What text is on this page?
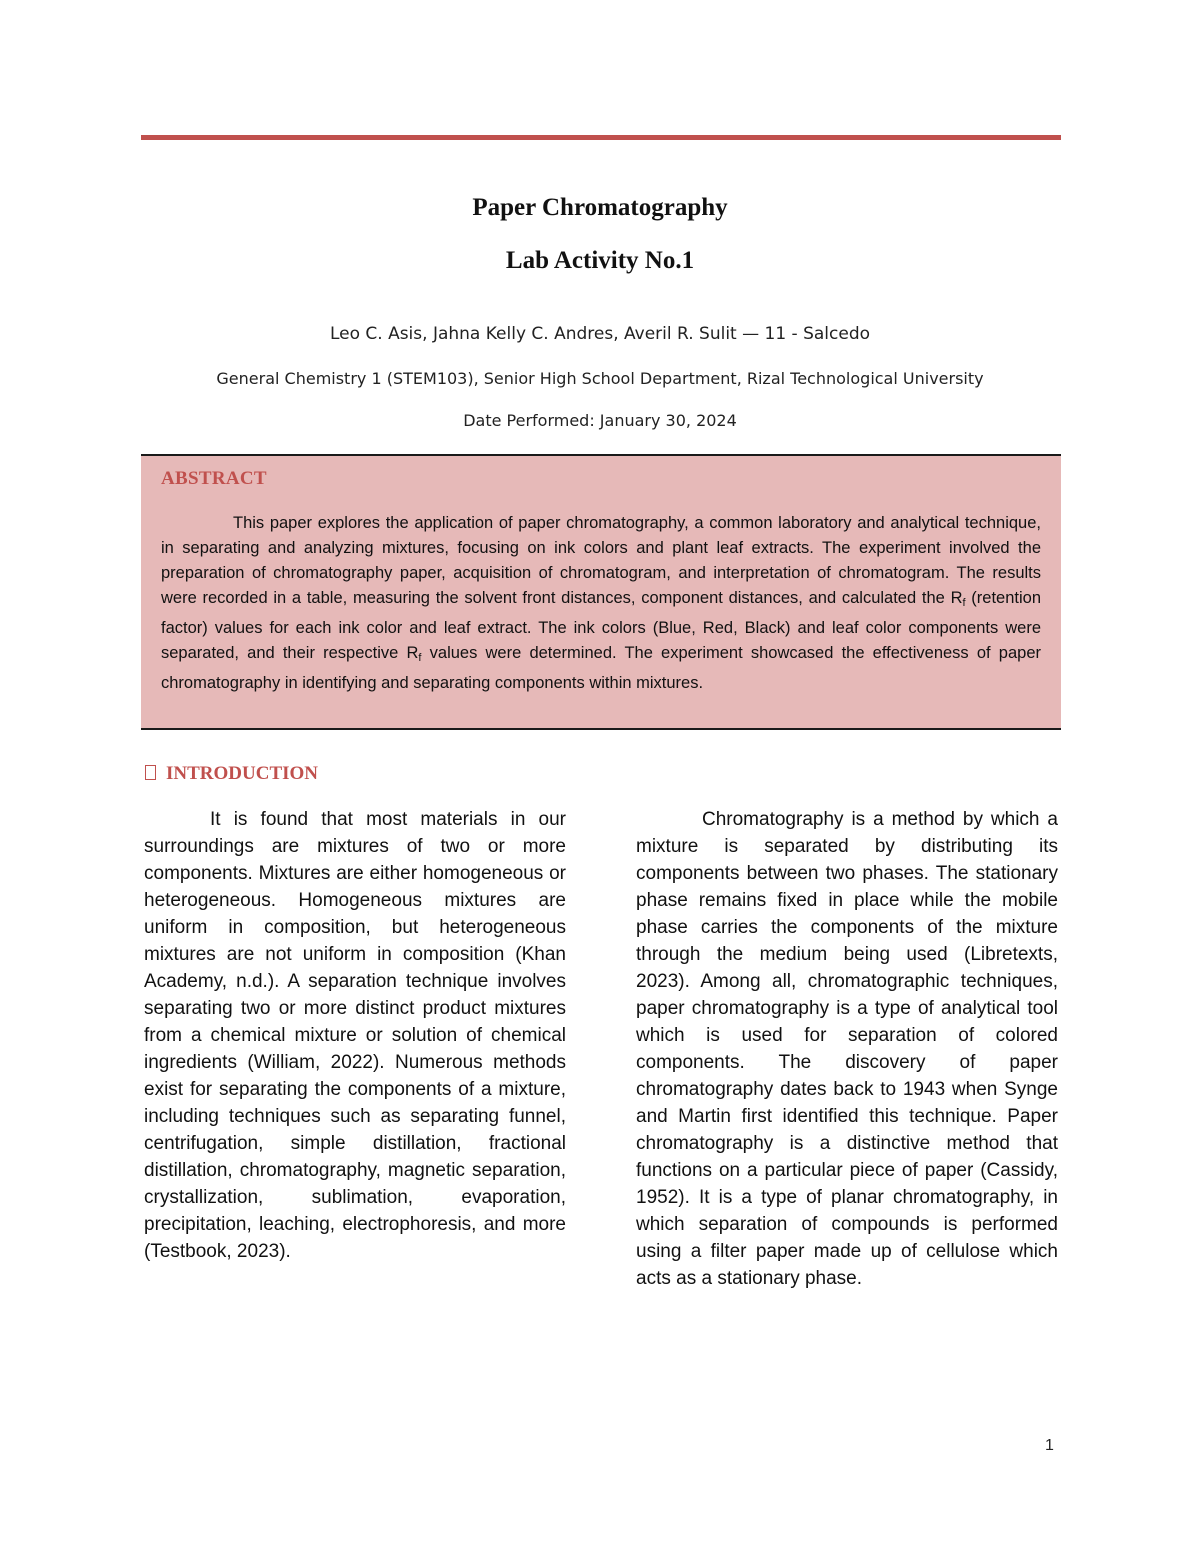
Paper Chromatography
Lab Activity No.1
Leo C. Asis, Jahna Kelly C. Andres, Averil R. Sulit — 11 - Salcedo
General Chemistry 1 (STEM103), Senior High School Department, Rizal Technological University
Date Performed: January 30, 2024
ABSTRACT
This paper explores the application of paper chromatography, a common laboratory and analytical technique, in separating and analyzing mixtures, focusing on ink colors and plant leaf extracts. The experiment involved the preparation of chromatography paper, acquisition of chromatogram, and interpretation of chromatogram. The results were recorded in a table, measuring the solvent front distances, component distances, and calculated the $R_f$ (retention factor) values for each ink color and leaf extract. The ink colors (Blue, Red, Black) and leaf color components were separated, and their respective $R_f$ values were determined. The experiment showcased the effectiveness of paper chromatography in identifying and separating components within mixtures.
INTRODUCTION
It is found that most materials in our surroundings are mixtures of two or more components. Mixtures are either homogeneous or heterogeneous. Homogeneous mixtures are uniform in composition, but heterogeneous mixtures are not uniform in composition (Khan Academy, n.d.). A separation technique involves separating two or more distinct product mixtures from a chemical mixture or solution of chemical ingredients (William, 2022). Numerous methods exist for separating the components of a mixture, including techniques such as separating funnel, centrifugation, simple distillation, fractional distillation, chromatography, magnetic separation, crystallization, sublimation, evaporation, precipitation, leaching, electrophoresis, and more (Testbook, 2023).
Chromatography is a method by which a mixture is separated by distributing its components between two phases. The stationary phase remains fixed in place while the mobile phase carries the components of the mixture through the medium being used (Libretexts, 2023). Among all, chromatographic techniques, paper chromatography is a type of analytical tool which is used for separation of colored components. The discovery of paper chromatography dates back to 1943 when Synge and Martin first identified this technique. Paper chromatography is a distinctive method that functions on a particular piece of paper (Cassidy, 1952). It is a type of planar chromatography, in which separation of compounds is performed using a filter paper made up of cellulose which acts as a stationary phase.
1
